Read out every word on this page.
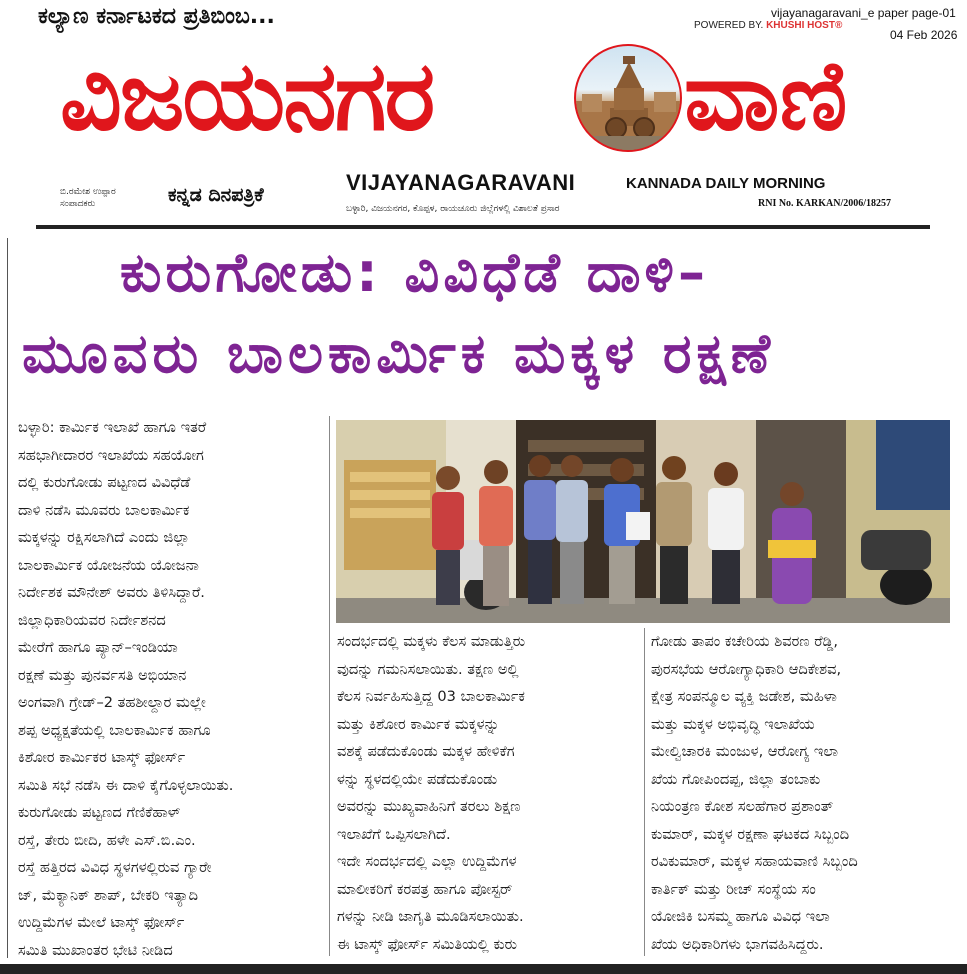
ಕಲ್ಯಾಣ ಕರ್ನಾಟಕದ ಪ್ರತಿಬಿಂಬ...	vijayanagaravani_e paper page-01
POWERED BY. KHUSHI HOST®
04 Feb 2026
ವಿಜಯನಗರ	ವಾಣಿ
ಬಿ.ರಮೇಶ ಉಪ್ಪಾರ
ಸಂಪಾದಕರು	ಕನ್ನಡ ದಿನಪತ್ರಿಕೆ	VIJAYANAGARAVANI	KANNADA DAILY MORNING
ಬಳ್ಳಾರಿ, ವಿಜಯನಗರ, ಕೊಪ್ಪಳ, ರಾಯಚೂರು ಜಿಲ್ಲೆಗಳಲ್ಲಿ ವಿಶಾಲತೆ ಪ್ರಸಾರ	RNI No. KARKAN/2006/18257
ಕುರುಗೋಡು: ವಿವಿಧೆಡೆ ದಾಳಿ–
ಮೂವರು ಬಾಲಕಾರ್ಮಿಕ ಮಕ್ಕಳ ರಕ್ಷಣೆ
ಬಳ್ಳಾರಿ: ಕಾರ್ಮಿಕ ಇಲಾಖೆ ಹಾಗೂ ಇತರೆ
ಸಹಭಾಗೀದಾರರ ಇಲಾಖೆಯ ಸಹಯೋಗ
ದಲ್ಲಿ ಕುರುಗೋಡು ಪಟ್ಟಣದ ವಿವಿಧೆಡೆ
ದಾಳಿ ನಡೆಸಿ ಮೂವರು ಬಾಲಕಾರ್ಮಿಕ
ಮಕ್ಕಳನ್ನು ರಕ್ಷಿಸಲಾಗಿದೆ ಎಂದು ಜಿಲ್ಲಾ
ಬಾಲಕಾರ್ಮಿಕ ಯೋಜನೆಯ ಯೋಜನಾ
ನಿರ್ದೇಶಕ ಮೌನೇಶ್ ಅವರು ತಿಳಿಸಿದ್ದಾರೆ.
ಜಿಲ್ಲಾಧಿಕಾರಿಯವರ ನಿರ್ದೇಶನದ
ಮೇರೆಗೆ ಹಾಗೂ ಪ್ಯಾನ್–ಇಂಡಿಯಾ
ರಕ್ಷಣೆ ಮತ್ತು ಪುನರ್ವಸತಿ ಅಭಿಯಾನ
ಅಂಗವಾಗಿ ಗ್ರೇಡ್–2 ತಹಶೀಲ್ದಾರ ಮಲ್ಲೇ
ಶಪ್ಪ ಅಧ್ಯಕ್ಷತೆಯಲ್ಲಿ ಬಾಲಕಾರ್ಮಿಕ ಹಾಗೂ
ಕಿಶೋರ ಕಾರ್ಮಿಕರ ಟಾಸ್ಕ್ ಫೋರ್ಸ್
ಸಮಿತಿ ಸಭೆ ನಡೆಸಿ ಈ ದಾಳಿ ಕೈಗೊಳ್ಳಲಾಯಿತು.
ಕುರುಗೋಡು ಪಟ್ಟಣದ ಗೆಣಿಕೆಹಾಳ್
ರಸ್ತೆ, ತೇರು ಬೀದಿ, ಹಳೇ ಎಸ್.ಬಿ.ಎಂ.
ರಸ್ತೆ ಹತ್ತಿರದ ವಿವಿಧ ಸ್ಥಳಗಳಲ್ಲಿರುವ ಗ್ಯಾರೇ
ಜ್, ಮೆಕ್ಯಾನಿಕ್ ಶಾಪ್, ಬೇಕರಿ ಇತ್ಯಾದಿ
ಉದ್ದಿಮೆಗಳ ಮೇಲೆ ಟಾಸ್ಕ್ ಫೋರ್ಸ್
ಸಮಿತಿ ಮುಖಾಂತರ ಭೇಟಿ ನೀಡಿದ
ಸಂದರ್ಭದಲ್ಲಿ ಮಕ್ಕಳು ಕೆಲಸ ಮಾಡುತ್ತಿರು
ವುದನ್ನು ಗಮನಿಸಲಾಯಿತು. ತಕ್ಷಣ ಅಲ್ಲಿ
ಕೆಲಸ ನಿರ್ವಹಿಸುತ್ತಿದ್ದ 03 ಬಾಲಕಾರ್ಮಿಕ
ಮತ್ತು ಕಿಶೋರ ಕಾರ್ಮಿಕ ಮಕ್ಕಳನ್ನು
ವಶಕ್ಕೆ ಪಡೆದುಕೊಂಡು ಮಕ್ಕಳ ಹೇಳಿಕೆಗ
ಳನ್ನು ಸ್ಥಳದಲ್ಲಿಯೇ ಪಡೆದುಕೊಂಡು
ಅವರನ್ನು ಮುಖ್ಯವಾಹಿನಿಗೆ ತರಲು ಶಿಕ್ಷಣ
ಇಲಾಖೆಗೆ ಒಪ್ಪಿಸಲಾಗಿದೆ.
ಇದೇ ಸಂದರ್ಭದಲ್ಲಿ ಎಲ್ಲಾ ಉದ್ದಿಮೆಗಳ
ಮಾಲೀಕರಿಗೆ ಕರಪತ್ರ ಹಾಗೂ ಪೋಸ್ಟರ್
ಗಳನ್ನು ನೀಡಿ ಜಾಗೃತಿ ಮೂಡಿಸಲಾಯಿತು.
ಈ ಟಾಸ್ಕ್ ಫೋರ್ಸ್ ಸಮಿತಿಯಲ್ಲಿ ಕುರು
ಗೋಡು ತಾಪಂ ಕಚೇರಿಯ ಶಿವರಣ ರೆಡ್ಡಿ,
ಪುರಸಭೆಯ ಆರೋಗ್ಯಾಧಿಕಾರಿ ಆದಿಕೇಶವ,
ಕ್ಷೇತ್ರ ಸಂಪನ್ಮೂಲ ವ್ಯಕ್ತಿ ಜಡೇಶ, ಮಹಿಳಾ
ಮತ್ತು ಮಕ್ಕಳ ಅಭಿವೃದ್ಧಿ ಇಲಾಖೆಯ
ಮೇಲ್ವಿಚಾರಕಿ ಮಂಜುಳ, ಆರೋಗ್ಯ ಇಲಾ
ಖೆಯ ಗೋಪಿಂದಪ್ಪ, ಜಿಲ್ಲಾ ತಂಬಾಕು
ನಿಯಂತ್ರಣ ಕೋಶ ಸಲಹೆಗಾರ ಪ್ರಶಾಂತ್
ಕುಮಾರ್, ಮಕ್ಕಳ ರಕ್ಷಣಾ ಘಟಕದ ಸಿಬ್ಬಂದಿ
ರವಿಕುಮಾರ್, ಮಕ್ಕಳ ಸಹಾಯವಾಣಿ ಸಿಬ್ಬಂದಿ
ಕಾರ್ತಿಕ್ ಮತ್ತು ರೀಚ್ ಸಂಸ್ಥೆಯ ಸಂ
ಯೋಜಿಕಿ ಬಸಮ್ಮ ಹಾಗೂ ವಿವಿಧ ಇಲಾ
ಖೆಯ ಅಧಿಕಾರಿಗಳು ಭಾಗವಹಿಸಿದ್ದರು.
